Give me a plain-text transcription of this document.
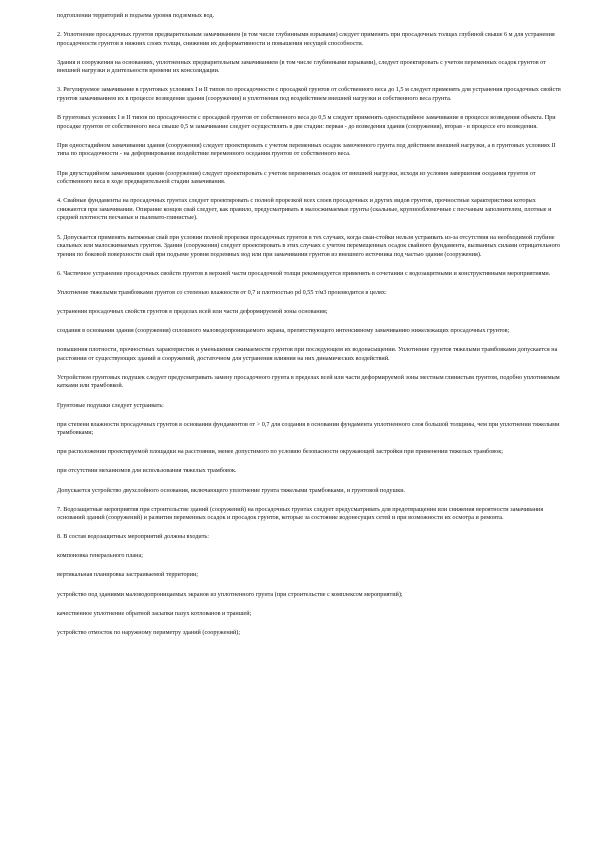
подтоплении территорий и подъема уровня подземных вод.

2. Уплотнение просадочных грунтов предварительным замачиванием (в том числе глубинными взрывами) следует применять при просадочных толщах глубиной свыше 6 м для устранения просадочности грунтов в нижних слоях толщи, снижения их деформативности и повышения несущей способности.

Здания и сооружения на основаниях, уплотненных предварительным замачиванием (в том числе глубинными взрывами), следует проектировать с учетом переменных осадок грунтов от внешней нагрузки и длительности времени их консолидации.

3. Регулируемое замачивание в грунтовых условиях I и II типов по просадочности с просадкой грунтов от собственного веса до 1,5 м следует применять для устранения просадочных свойств грунтов замачиванием их в процессе возведения здания (сооружения) и уплотнения под воздействием внешней нагрузки и собственного веса грунта.

В грунтовых условиях I и II типов по просадочности с просадкой грунтов от собственного веса до 0,5 м следует применять одностадийное замачивание в процессе возведения объекта. При просадке грунтов от собственного веса свыше 0,5 м замачивание следует осуществлять в две стадии: первая - до возведения здания (сооружения), вторая - в процессе его возведения.

При одностадийном замачивании здания (сооружения) следует проектировать с учетом переменных осадок замоченного грунта под действием внешней нагрузки, а в грунтовых условиях II типа по просадочности - на деформирование воздействие переменного оседания грунтов от собственного веса.

При двухстадийном замачивании здания (сооружения) следует проектировать с учетом переменных осадок от внешней нагрузки, исходя из условия завершения оседания грунтов от собственного веса в ходе предварительной стадии замачивания.

4. Свайные фундаменты на просадочных грунтах следует проектировать с полной прорезкой всех слоев просадочных и других видов грунтов, прочностные характеристики которых снижаются при замачивании. Опирание концов свай следует, как правило, предусматривать в малосжимаемые грунты (скальные, крупнообломочные с песчаным заполнителем, плотные и средней плотности песчаные и пылевато-глинистые).

5. Допускается применять вытяжные свай при условии полной прорезки просадочных грунтов в тех случаях, когда сваи-стойки нельзя устраивать из-за отсутствия на необходимой глубине скальных или малосжимаемых грунтов. Здания (сооружения) следует проектировать в этих случаях с учетом перемещенных осадок свайного фундамента, вызванных силами отрицательного трения по боковой поверхности свай при подъеме уровня подземных вод или при замачивании грунтов из внешнего источника под частью здания (сооружения).

6. Частичное устранение просадочных свойств грунтов в верхней части просадочной толщи рекомендуется применять в сочетании с водозащитными и конструктивными мероприятиями.

Уплотнение тяжелыми трамбовками грунтов со степенью влажности от 0,7 и плотностью pd 0,55 т/м3 производится в целях:

устранения просадочных свойств грунтов в пределах всей или части деформируемой зоны основания;

создания в основании здания (сооружения) сплошного маловодопроницаемого экрана, препятствующего интенсивному замачиванию нижележащих просадочных грунтов;

повышения плотности, прочностных характеристик и уменьшения сжимаемости грунтов при последующем их водонасыщении. Уплотнение грунтов тяжелыми трамбовками допускается на расстоянии от существующих зданий и сооружений, достаточном для устранения влияния на них динамических воздействий.

Устройством грунтовых подушек следует предусматривать замену просадочного грунта в пределах всей или части деформируемой зоны местным глинистым грунтом, подобно уплотняемым катками или трамбовкой.

Грунтовые подушки следует устраивать:

при степени влажности просадочных грунтов в основании фундаментов от > 0,7 для создания в основании фундамента уплотненного слоя большой толщины, чем при уплотнении тяжелыми трамбовками;

при расположении проектируемой площадки на расстоянии, менее допустимого по условию безопасности окружающей застройки при применении тяжелых трамбовок;

при отсутствии механизмов для использования тяжелых трамбовок.

Допускается устройство двухслойного основания, включающего уплотнение грунта тяжелыми трамбовками, и грунтовой подушки.

7. Водозащитные мероприятия при строительстве зданий (сооружений) на просадочных грунтах следует предусматривать для предотвращения или снижения вероятности замачивания оснований зданий (сооружений) и развития переменных осадок и просадок грунтов, которые за состояние водонесущих сетей и при возможности их осмотра и ремонта.

8. В состав водозащитных мероприятий должны входить:

компоновка генерального плана;

вертикальная планировка застраиваемой территории;

устройство под зданиями маловодопроницаемых экранов из уплотненного грунта (при строительстве с комплексом мероприятий);

качественное уплотнение обратной засыпки пазух котлованов и траншей;

устройство отмосток по наружному периметру зданий (сооружений);
